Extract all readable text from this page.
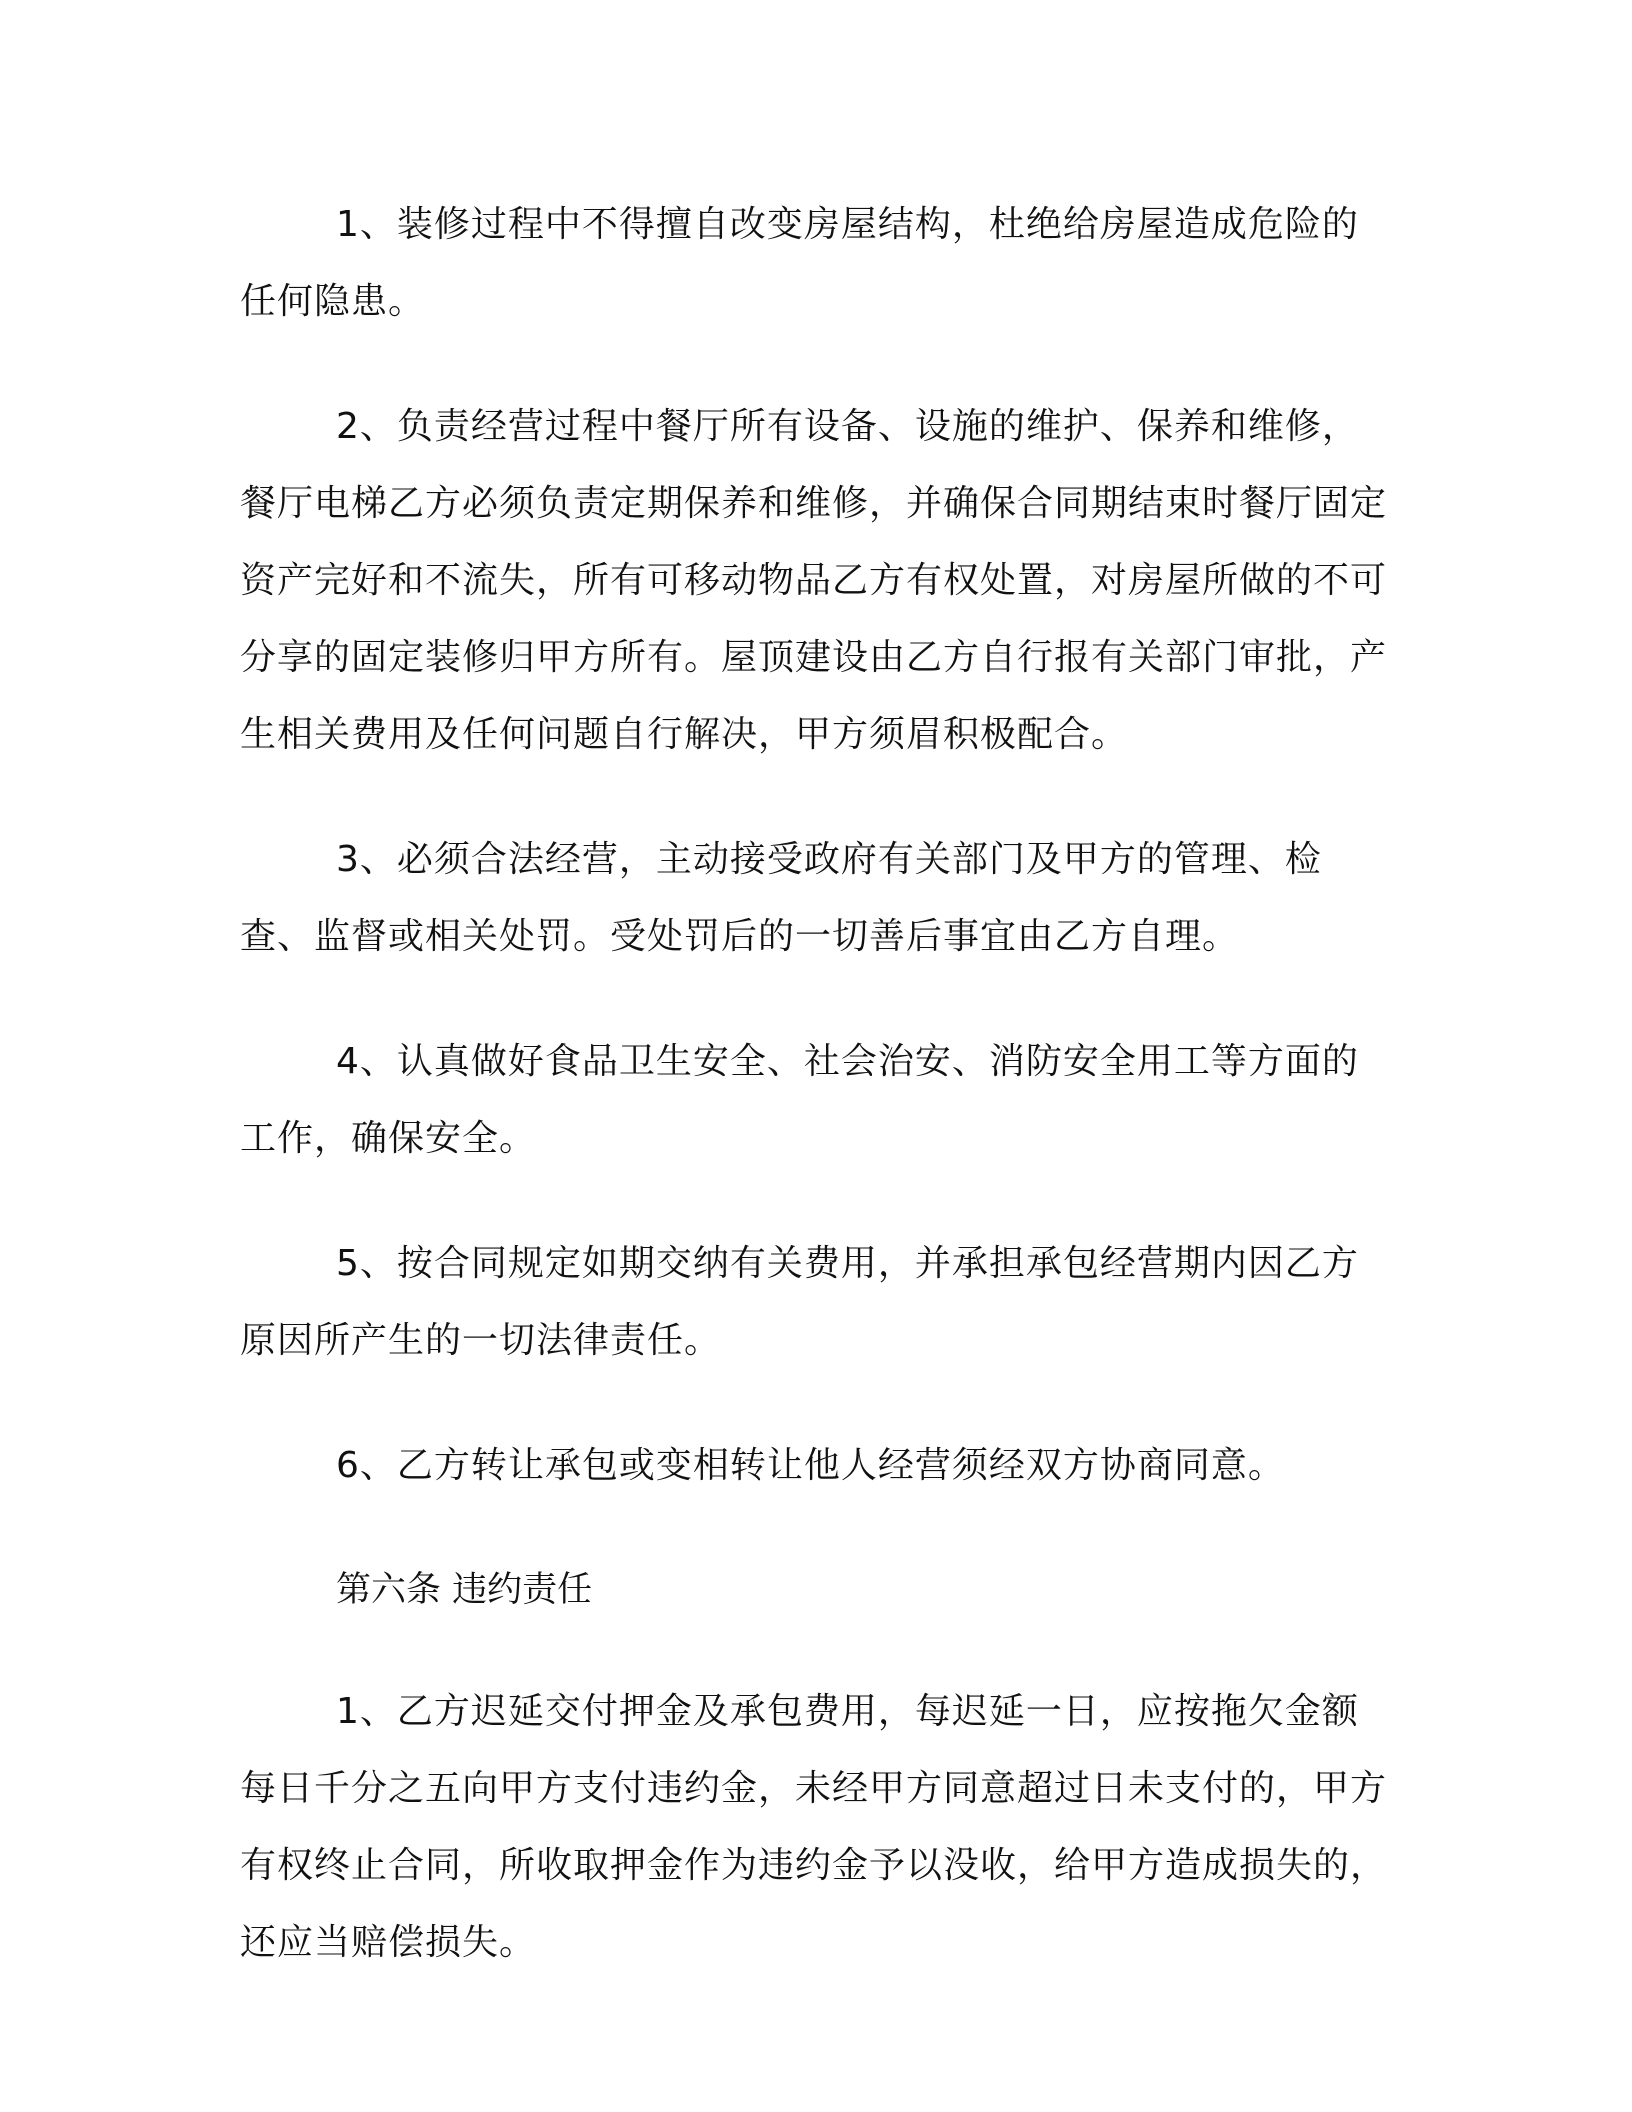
1、装修过程中不得擅自改变房屋结构，杜绝给房屋造成危险的任何隐患。

2、负责经营过程中餐厅所有设备、设施的维护、保养和维修，餐厅电梯乙方必须负责定期保养和维修，并确保合同期结束时餐厅固定资产完好和不流失，所有可移动物品乙方有权处置，对房屋所做的不可分享的固定装修归甲方所有。屋顶建设由乙方自行报有关部门审批，产生相关费用及任何问题自行解决，甲方须眉积极配合。

3、必须合法经营，主动接受政府有关部门及甲方的管理、检查、监督或相关处罚。受处罚后的一切善后事宜由乙方自理。

4、认真做好食品卫生安全、社会治安、消防安全用工等方面的工作，确保安全。

5、按合同规定如期交纳有关费用，并承担承包经营期内因乙方原因所产生的一切法律责任。

6、乙方转让承包或变相转让他人经营须经双方协商同意。

第六条 违约责任

1、乙方迟延交付押金及承包费用，每迟延一日，应按拖欠金额每日千分之五向甲方支付违约金，未经甲方同意超过日未支付的，甲方有权终止合同，所收取押金作为违约金予以没收，给甲方造成损失的，还应当赔偿损失。
